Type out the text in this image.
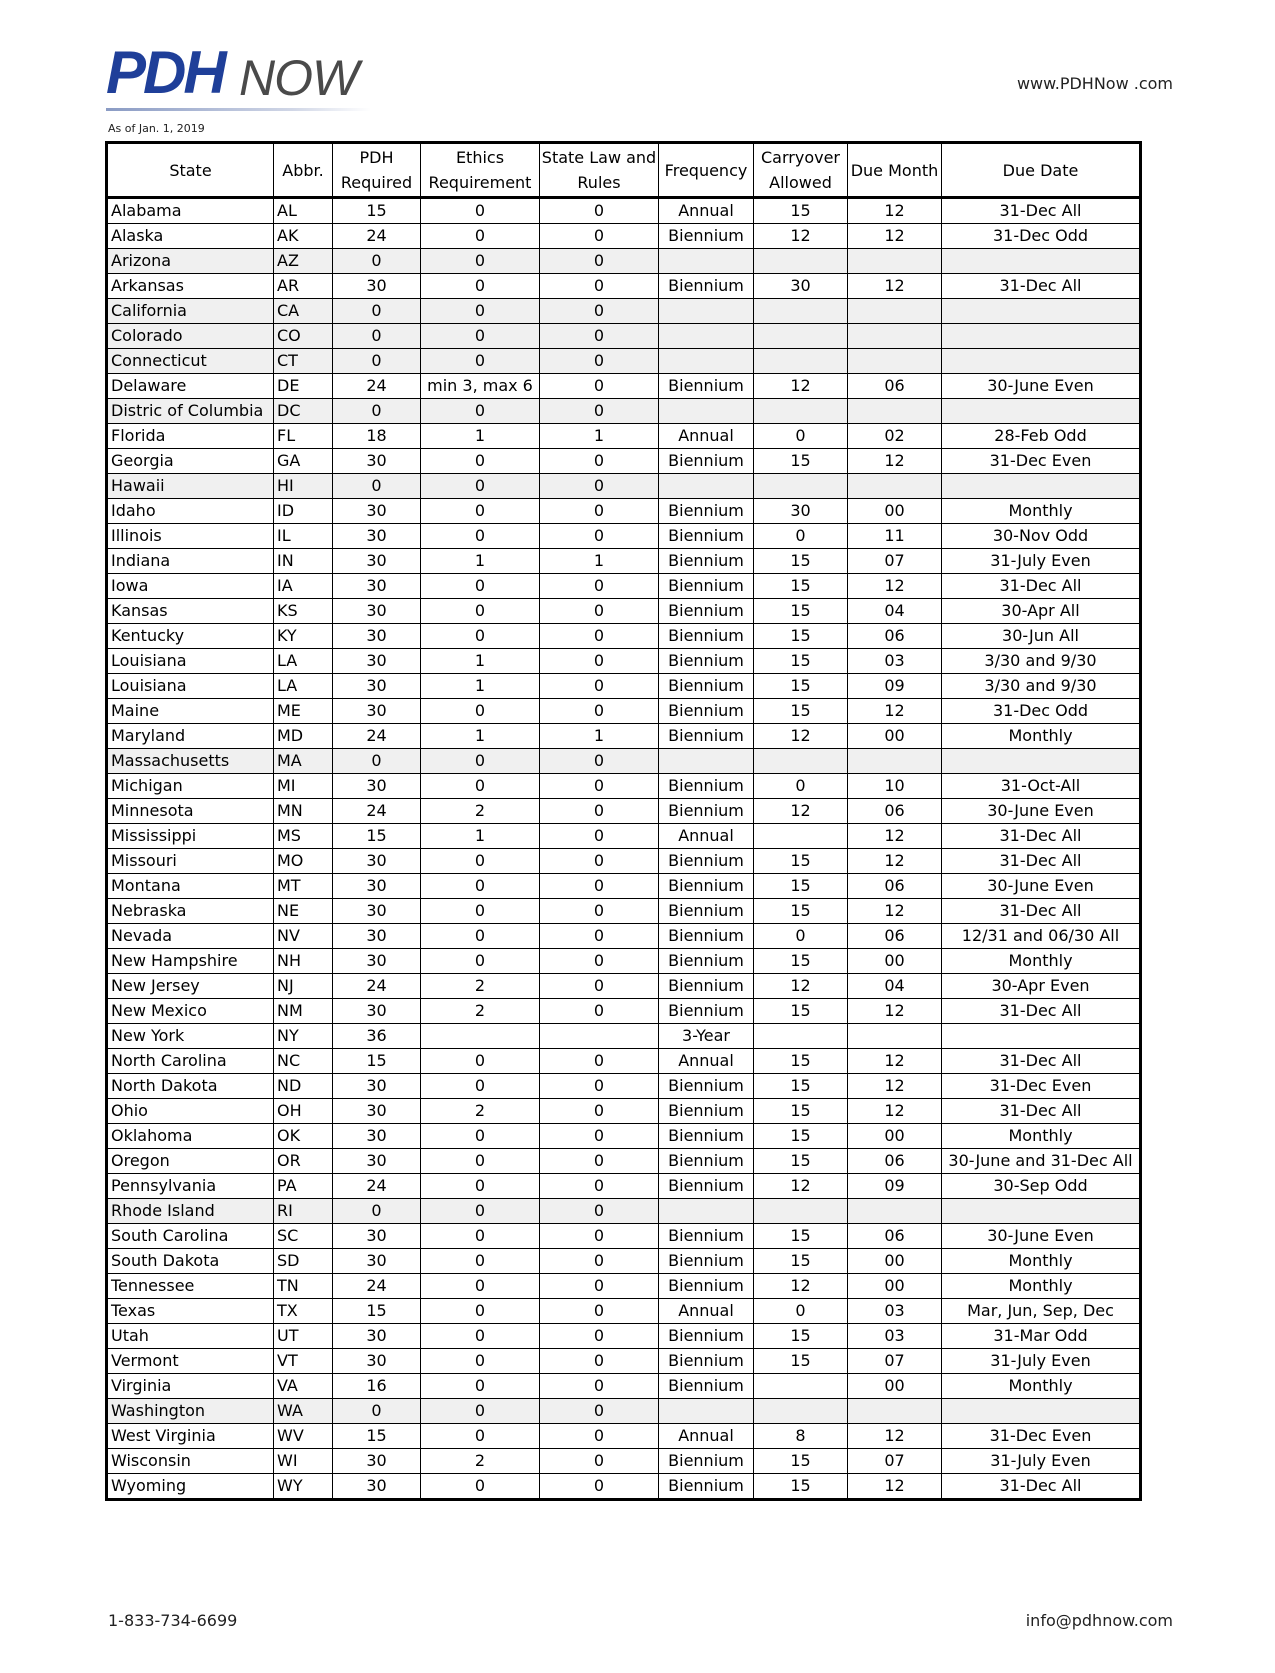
PDH NOW	www.PDHNow .com
As of Jan. 1, 2019
State	Abbr.	PDH Required	Ethics Requirement	State Law and Rules	Frequency	Carryover Allowed	Due Month	Due Date
Alabama	AL	15	0	0	Annual	15	12	31-Dec All
Alaska	AK	24	0	0	Biennium	12	12	31-Dec Odd
Arizona	AZ	0	0	0				
Arkansas	AR	30	0	0	Biennium	30	12	31-Dec All
California	CA	0	0	0				
Colorado	CO	0	0	0				
Connecticut	CT	0	0	0				
Delaware	DE	24	min 3, max 6	0	Biennium	12	06	30-June Even
Distric of Columbia	DC	0	0	0				
Florida	FL	18	1	1	Annual	0	02	28-Feb Odd
Georgia	GA	30	0	0	Biennium	15	12	31-Dec Even
Hawaii	HI	0	0	0				
Idaho	ID	30	0	0	Biennium	30	00	Monthly
Illinois	IL	30	0	0	Biennium	0	11	30-Nov Odd
Indiana	IN	30	1	1	Biennium	15	07	31-July Even
Iowa	IA	30	0	0	Biennium	15	12	31-Dec All
Kansas	KS	30	0	0	Biennium	15	04	30-Apr All
Kentucky	KY	30	0	0	Biennium	15	06	30-Jun All
Louisiana	LA	30	1	0	Biennium	15	03	3/30 and 9/30
Louisiana	LA	30	1	0	Biennium	15	09	3/30 and 9/30
Maine	ME	30	0	0	Biennium	15	12	31-Dec Odd
Maryland	MD	24	1	1	Biennium	12	00	Monthly
Massachusetts	MA	0	0	0				
Michigan	MI	30	0	0	Biennium	0	10	31-Oct-All
Minnesota	MN	24	2	0	Biennium	12	06	30-June Even
Mississippi	MS	15	1	0	Annual		12	31-Dec All
Missouri	MO	30	0	0	Biennium	15	12	31-Dec All
Montana	MT	30	0	0	Biennium	15	06	30-June Even
Nebraska	NE	30	0	0	Biennium	15	12	31-Dec All
Nevada	NV	30	0	0	Biennium	0	06	12/31 and 06/30 All
New Hampshire	NH	30	0	0	Biennium	15	00	Monthly
New Jersey	NJ	24	2	0	Biennium	12	04	30-Apr Even
New Mexico	NM	30	2	0	Biennium	15	12	31-Dec All
New York	NY	36			3-Year			
North Carolina	NC	15	0	0	Annual	15	12	31-Dec All
North Dakota	ND	30	0	0	Biennium	15	12	31-Dec Even
Ohio	OH	30	2	0	Biennium	15	12	31-Dec All
Oklahoma	OK	30	0	0	Biennium	15	00	Monthly
Oregon	OR	30	0	0	Biennium	15	06	30-June and 31-Dec All
Pennsylvania	PA	24	0	0	Biennium	12	09	30-Sep Odd
Rhode Island	RI	0	0	0				
South Carolina	SC	30	0	0	Biennium	15	06	30-June Even
South Dakota	SD	30	0	0	Biennium	15	00	Monthly
Tennessee	TN	24	0	0	Biennium	12	00	Monthly
Texas	TX	15	0	0	Annual	0	03	Mar, Jun, Sep, Dec
Utah	UT	30	0	0	Biennium	15	03	31-Mar Odd
Vermont	VT	30	0	0	Biennium	15	07	31-July Even
Virginia	VA	16	0	0	Biennium		00	Monthly
Washington	WA	0	0	0				
West Virginia	WV	15	0	0	Annual	8	12	31-Dec Even
Wisconsin	WI	30	2	0	Biennium	15	07	31-July Even
Wyoming	WY	30	0	0	Biennium	15	12	31-Dec All
1-833-734-6699	info@pdhnow.com
